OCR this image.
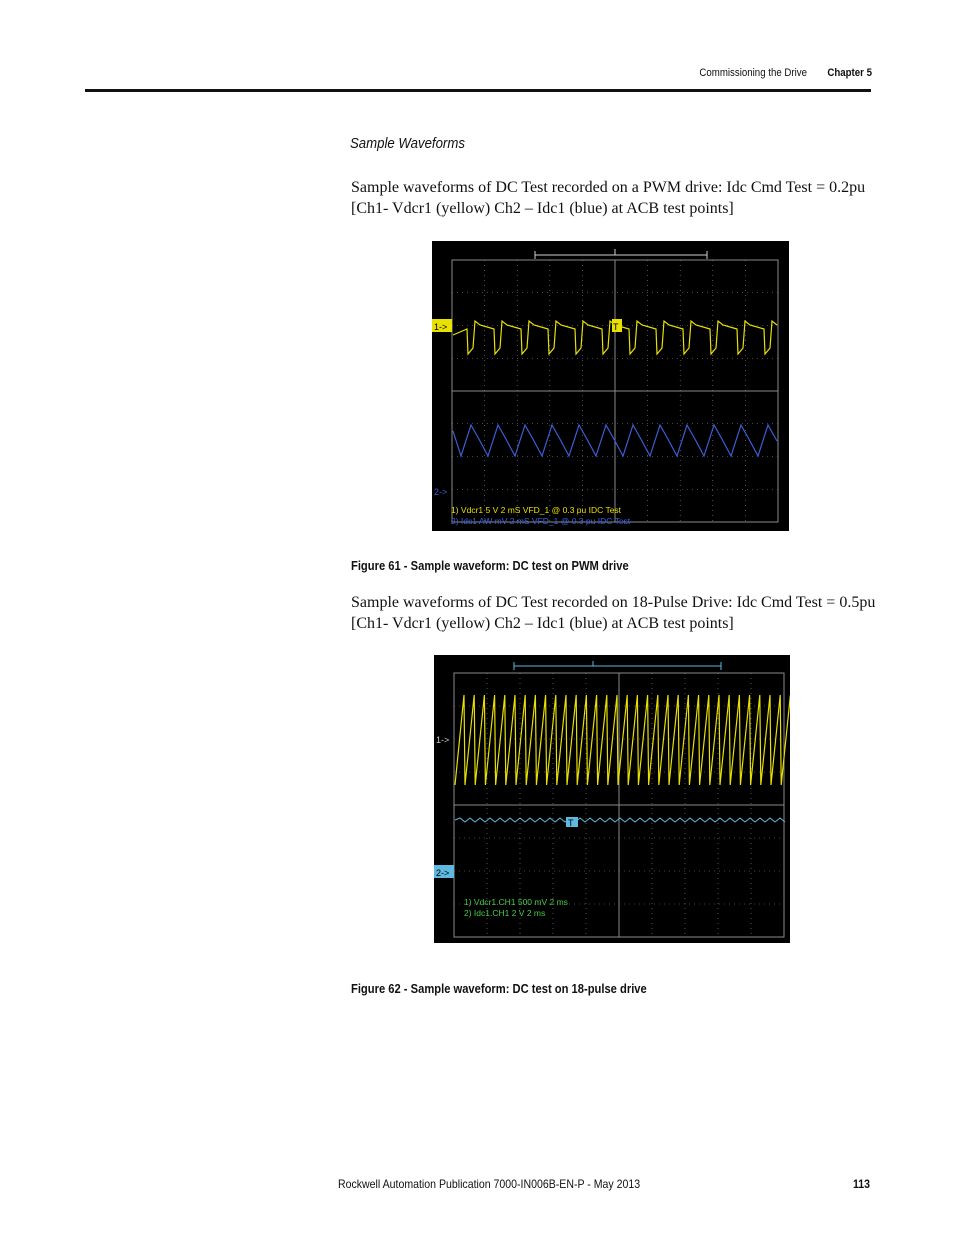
Commissioning the Drive	Chapter 5
Sample Waveforms
Sample waveforms of DC Test recorded on a PWM drive: Idc Cmd Test = 0.2pu [Ch1- Vdcr1 (yellow) Ch2 – Idc1 (blue) at ACB test points]
1->	T
2->
1) Vdcr1 5 V 2 mS VFD_1 @ 0.3 pu IDC Test
2) Idc1 AW mV 2 mS VFD_1 @ 0.3 pu IDC Test
Figure 61 - Sample waveform: DC test on PWM drive
Sample waveforms of DC Test recorded on 18-Pulse Drive: Idc Cmd Test = 0.5pu [Ch1- Vdcr1 (yellow) Ch2 – Idc1 (blue) at ACB test points]
1->
T
2->
1) Vdcr1.CH1 500 mV 2 ms
2) Idc1.CH1 2 V 2 ms
Figure 62 - Sample waveform: DC test on 18-pulse drive
Rockwell Automation Publication 7000-IN006B-EN-P - May 2013	113
